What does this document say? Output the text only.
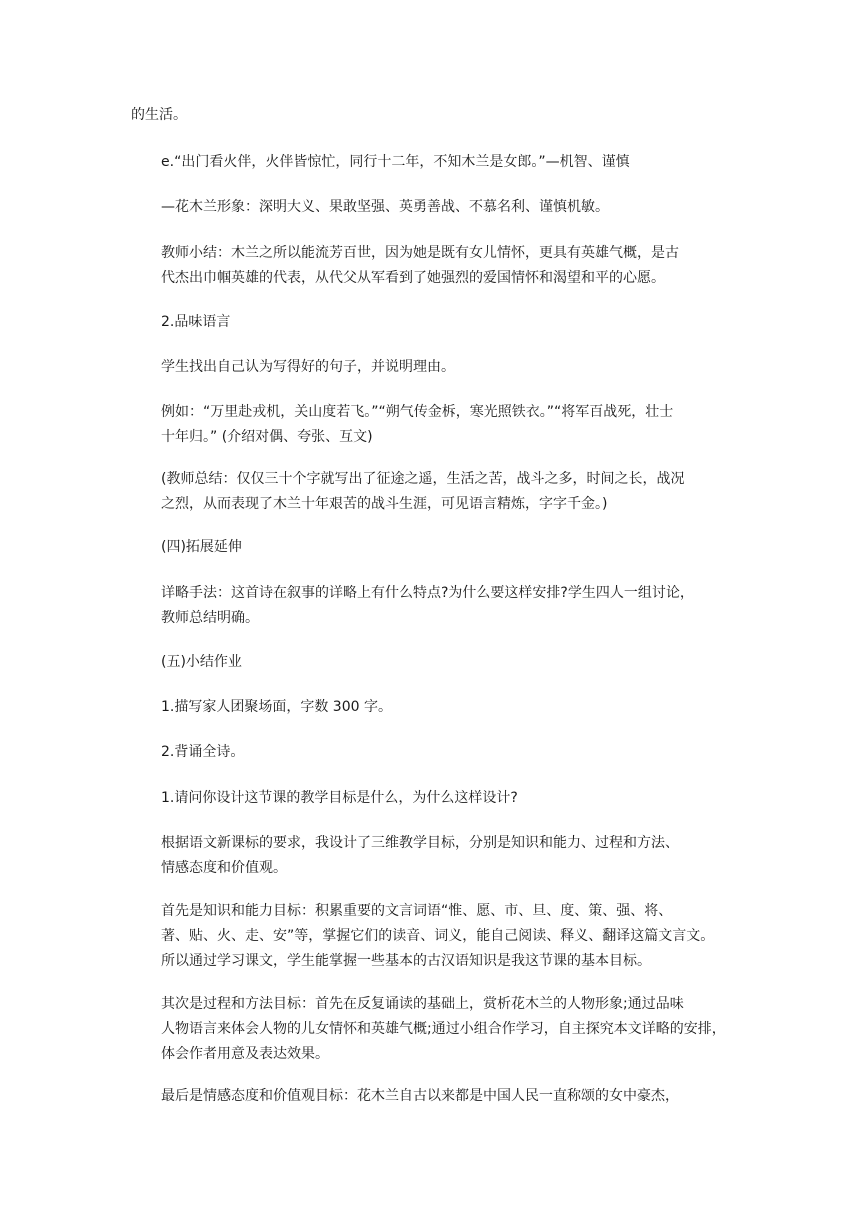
的生活。
e.“出门看火伴，火伴皆惊忙，同行十二年，不知木兰是女郎。”—机智、谨慎
—花木兰形象：深明大义、果敢坚强、英勇善战、不慕名利、谨慎机敏。
教师小结：木兰之所以能流芳百世，因为她是既有女儿情怀，更具有英雄气概，是古
代杰出巾帼英雄的代表，从代父从军看到了她强烈的爱国情怀和渴望和平的心愿。
2.品味语言
学生找出自己认为写得好的句子，并说明理由。
例如：“万里赴戎机，关山度若飞。”“朔气传金柝，寒光照铁衣。”“将军百战死，壮士
十年归。” (介绍对偶、夸张、互文)
(教师总结：仅仅三十个字就写出了征途之遥，生活之苦，战斗之多，时间之长，战况
之烈，从而表现了木兰十年艰苦的战斗生涯，可见语言精炼，字字千金。)
(四)拓展延伸
详略手法：这首诗在叙事的详略上有什么特点?为什么要这样安排?学生四人一组讨论，
教师总结明确。
(五)小结作业
1.描写家人团聚场面，字数 300 字。
2.背诵全诗。
1.请问你设计这节课的教学目标是什么，为什么这样设计?
根据语文新课标的要求，我设计了三维教学目标，分别是知识和能力、过程和方法、
情感态度和价值观。
首先是知识和能力目标：积累重要的文言词语“惟、愿、市、旦、度、策、强、将、
著、贴、火、走、安”等，掌握它们的读音、词义，能自己阅读、释义、翻译这篇文言文。
所以通过学习课文，学生能掌握一些基本的古汉语知识是我这节课的基本目标。
其次是过程和方法目标：首先在反复诵读的基础上，赏析花木兰的人物形象;通过品味
人物语言来体会人物的儿女情怀和英雄气概;通过小组合作学习，自主探究本文详略的安排，
体会作者用意及表达效果。
最后是情感态度和价值观目标：花木兰自古以来都是中国人民一直称颂的女中豪杰，
